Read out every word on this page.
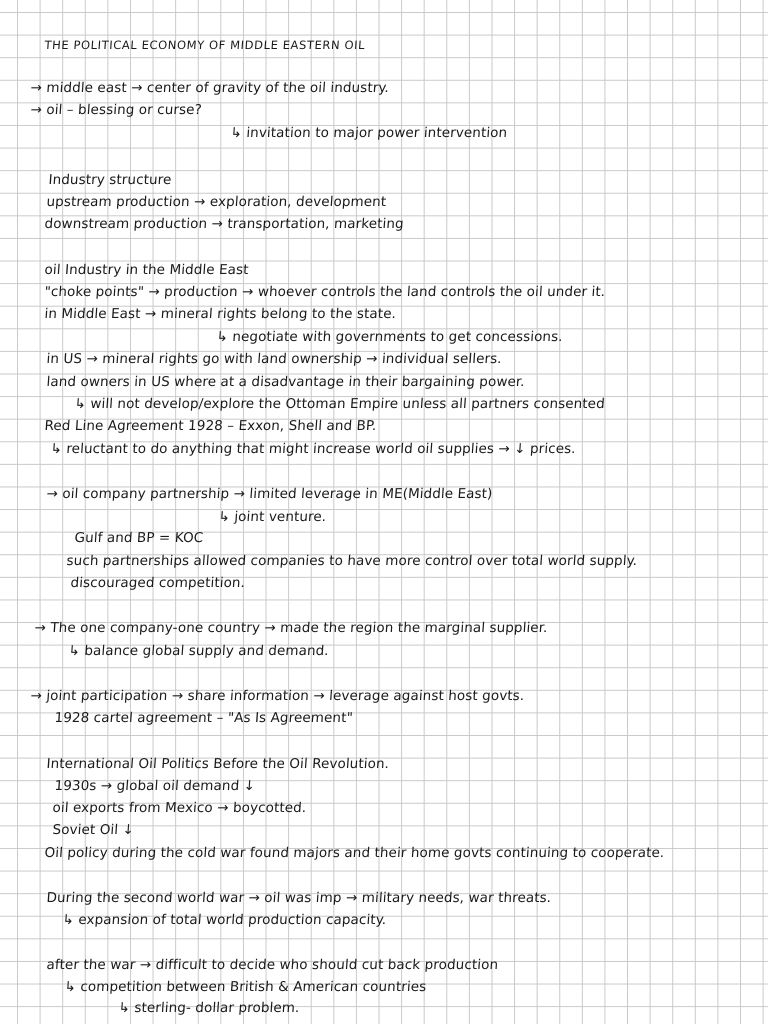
THE POLITICAL ECONOMY OF MIDDLE EASTERN OIL
→ middle east → center of gravity of the oil industry.
→ oil – blessing or curse?
↳ invitation to major power intervention
Industry structure
upstream production → exploration, development
downstream production → transportation, marketing
oil Industry in the Middle East
"choke points" → production → whoever controls the land controls the oil under it.
in Middle East → mineral rights belong to the state.
↳ negotiate with governments to get concessions.
in US → mineral rights go with land ownership → individual sellers.
land owners in US where at a disadvantage in their bargaining power.
↳ will not develop/explore the Ottoman Empire unless all partners consented
Red Line Agreement 1928 – Exxon, Shell and BP.
↳ reluctant to do anything that might increase world oil supplies → ↓ prices.
→ oil company partnership → limited leverage in ME(Middle East)
↳ joint venture.
Gulf and BP = KOC
such partnerships allowed companies to have more control over total world supply.
discouraged competition.
→ The one company-one country → made the region the marginal supplier.
↳ balance global supply and demand.
→ joint participation → share information → leverage against host govts.
1928 cartel agreement – "As Is Agreement"
International Oil Politics Before the Oil Revolution.
1930s → global oil demand ↓
oil exports from Mexico → boycotted.
Soviet Oil ↓
Oil policy during the cold war found majors and their home govts continuing to cooperate.
During the second world war → oil was imp → military needs, war threats.
↳ expansion of total world production capacity.
after the war → difficult to decide who should cut back production
↳ competition between British & American countries
↳ sterling- dollar problem.
